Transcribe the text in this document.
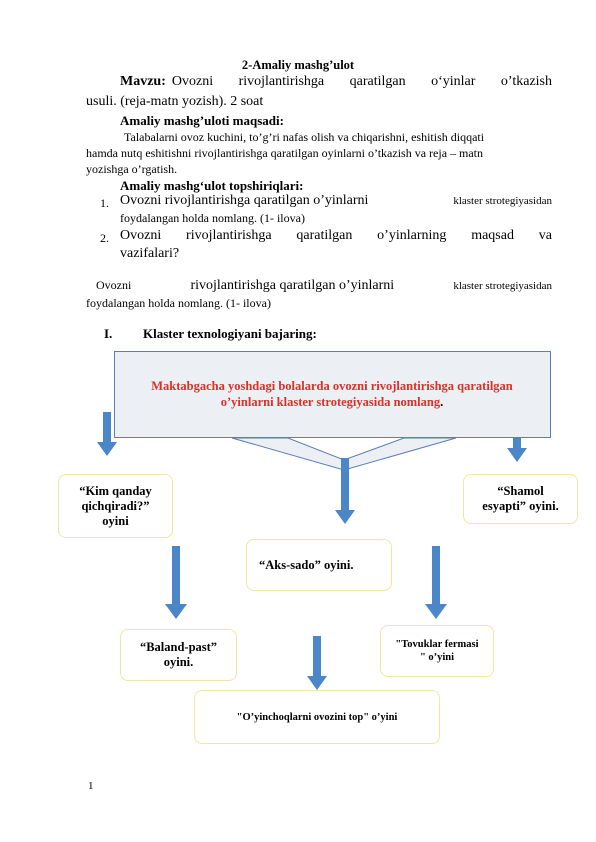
2-Amaliy mashg’ulot
Mavzu: Ovozni rivojlantirishga qaratilgan o‘yinlar o’tkazish
usuli. (reja-matn yozish). 2 soat
Amaliy mashg’uloti maqsadi:
Talabalarni ovoz kuchini, to’g’ri nafas olish va chiqarishni, eshitish diqqati
hamda nutq eshitishni rivojlantirishga qaratilgan oyinlarni o’tkazish va reja – matn
yozishga o’rgatish.
Amaliy mashg‘ulot topshiriqlari:
1. Ovozni rivojlantirishga qaratilgan o’yinlarni	klaster strotegiyasidan
foydalangan holda nomlang. (1- ilova)
2. Ovozni rivojlantirishga qaratilgan o’yinlarning maqsad va
vazifalari?
Ovozni	rivojlantirishga qaratilgan o’yinlarni	klaster strotegiyasidan
foydalangan holda nomlang. (1- ilova)
I. Klaster texnologiyani bajaring:
Maktabgacha yoshdagi bolalarda ovozni rivojlantirishga qaratilgan
o’yinlarni klaster strotegiyasida nomlang.
“Kim qanday qichqiradi?” oyini
“Shamol esyapti” oyini.
“Aks-sado” oyini.
“Baland-past” oyini.
"Tovuklar fermasi " o’yini
"O’yinchoqlarni ovozini top" o’yini
1
